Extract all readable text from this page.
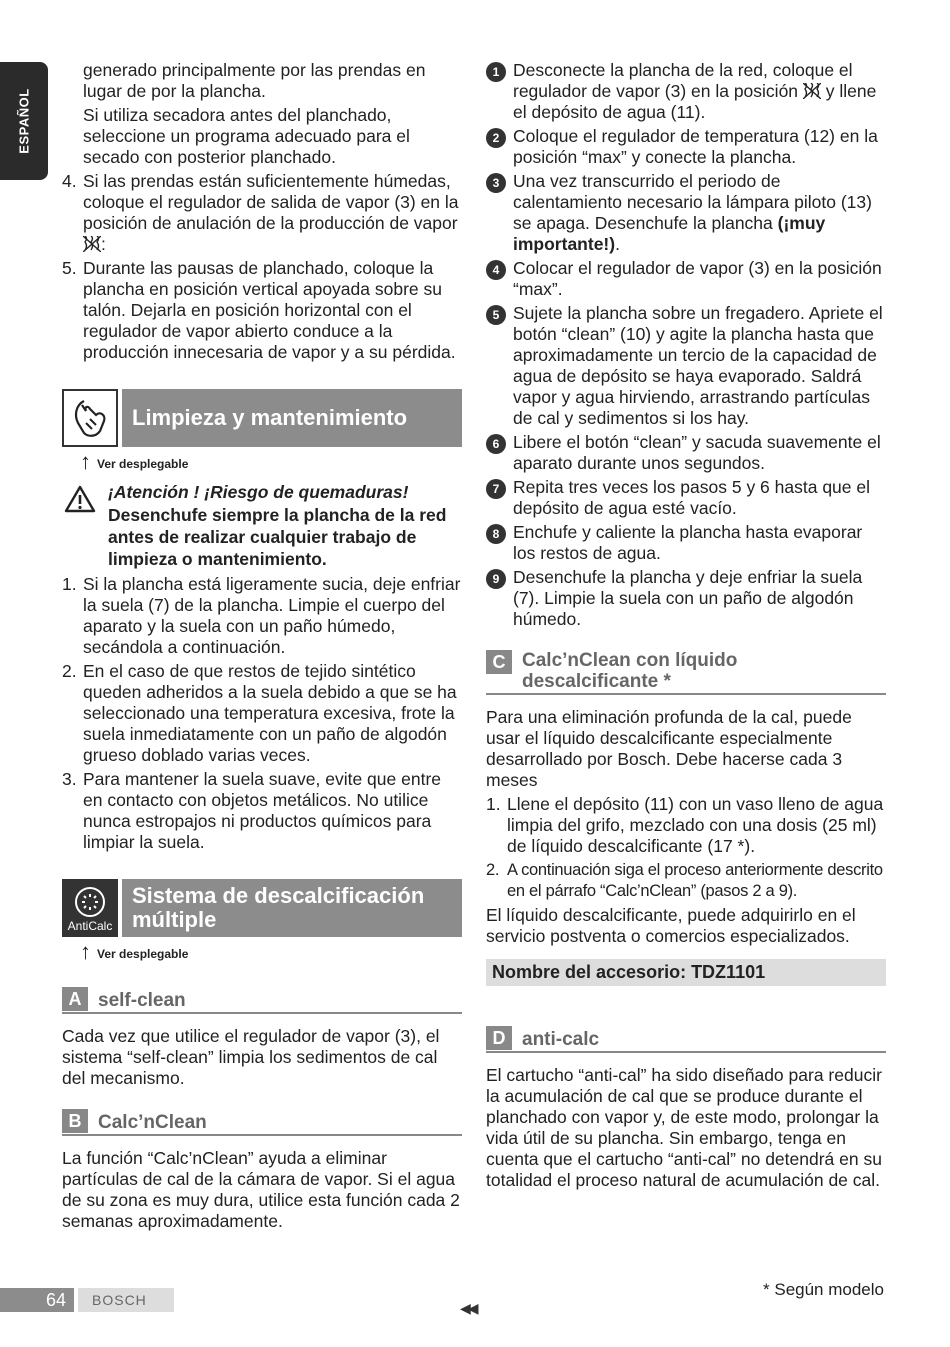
ESPAÑOL

generado principalmente por las prendas en lugar de por la plancha.

Si utiliza secadora antes del planchado, seleccione un programa adecuado para el secado con posterior planchado.

4. Si las prendas están suficientemente húmedas, coloque el regulador de salida de vapor (3) en la posición de anulación de la producción de vapor :
5. Durante las pausas de planchado, coloque la plancha en posición vertical apoyada sobre su talón. Dejarla en posición horizontal con el regulador de vapor abierto conduce a la producción innecesaria de vapor y a su pérdida.
Limpieza y mantenimiento
↑ Ver desplegable
¡Atención ! ¡Riesgo de quemaduras!
Desenchufe siempre la plancha de la red antes de realizar cualquier trabajo de limpieza o mantenimiento.
1. Si la plancha está ligeramente sucia, deje enfriar la suela (7) de la plancha. Limpie el cuerpo del aparato y la suela con un paño húmedo, secándola a continuación.
2. En el caso de que restos de tejido sintético queden adheridos a la suela debido a que se ha seleccionado una temperatura excesiva, frote la suela inmediatamente con un paño de algodón grueso doblado varias veces.
3. Para mantener la suela suave, evite que entre en contacto con objetos metálicos. No utilice nunca estropajos ni productos químicos para limpiar la suela.
AntiCalc
Sistema de descalcificación múltiple
↑ Ver desplegable
A self-clean

Cada vez que utilice el regulador de vapor (3), el sistema “self-clean” limpia los sedimentos de cal del mecanismo.

B Calc’nClean

La función “Calc’nClean” ayuda a eliminar partículas de cal de la cámara de vapor. Si el agua de su zona es muy dura, utilice esta función cada 2 semanas aproximadamente.

1 Desconecte la plancha de la red, coloque el regulador de vapor (3) en la posición  y llene el depósito de agua (11).
2 Coloque el regulador de temperatura (12) en la posición “max” y conecte la plancha.
3 Una vez transcurrido el periodo de calentamiento necesario la lámpara piloto (13) se apaga. Desenchufe la plancha (¡muy importante!).
4 Colocar el regulador de vapor (3) en la posición “max”.
5 Sujete la plancha sobre un fregadero. Apriete el botón “clean” (10) y agite la plancha hasta que aproximadamente un tercio de la capacidad de agua de depósito se haya evaporado. Saldrá vapor y agua hirviendo, arrastrando partículas de cal y sedimentos si los hay.
6 Libere el botón “clean” y sacuda suavemente el aparato durante unos segundos.
7 Repita tres veces los pasos 5 y 6 hasta que el depósito de agua esté vacío.
8 Enchufe y caliente la plancha hasta evaporar los restos de agua.
9 Desenchufe la plancha y deje enfriar la suela (7). Limpie la suela con un paño de algodón húmedo.
C Calc’nClean con líquido descalcificante *

Para una eliminación profunda de la cal, puede usar el líquido descalcificante especialmente desarrollado por Bosch. Debe hacerse cada 3 meses

1. Llene el depósito (11) con un vaso lleno de agua limpia del grifo, mezclado con una dosis (25 ml) de líquido descalcificante (17 *).
2. A continuación siga el proceso anteriormente descrito en el párrafo “Calc’nClean” (pasos 2 a 9).

El líquido descalcificante, puede adquirirlo en el servicio postventa o comercios especializados.

Nombre del accesorio: TDZ1101
D anti-calc

El cartucho “anti-cal” ha sido diseñado para reducir la acumulación de cal que se produce durante el planchado con vapor y, de este modo, prolongar la vida útil de su plancha. Sin embargo, tenga en cuenta que el cartucho “anti-cal” no detendrá en su totalidad el proceso natural de acumulación de cal.

64	BOSCH
* Según modelo
◀◀
